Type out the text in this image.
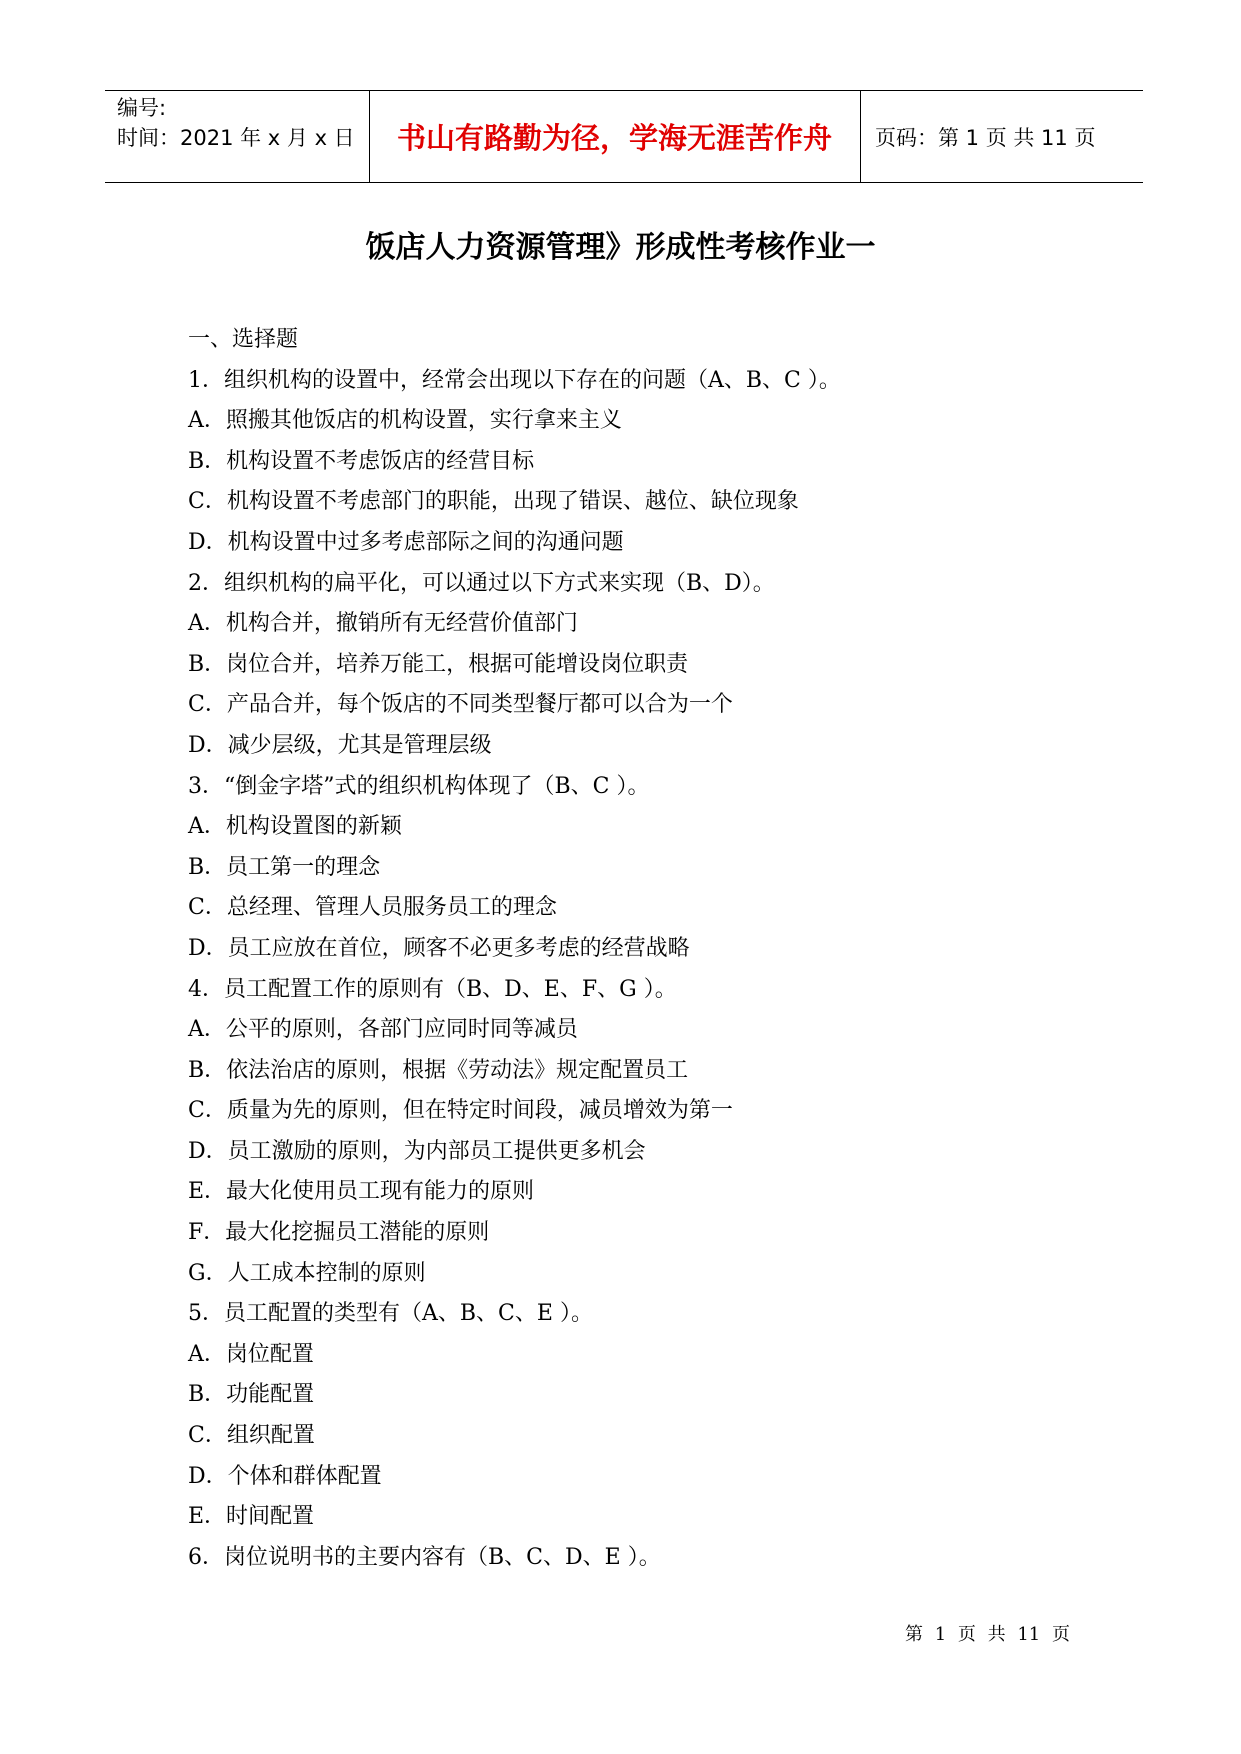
编号:
时间：2021 年 x 月 x 日	书山有路勤为径，学海无涯苦作舟	页码：第 1 页 共 11 页
饭店人力资源管理》形成性考核作业一
一、选择题
1．组织机构的设置中，经常会出现以下存在的问题（A、B、C ）。
A．照搬其他饭店的机构设置，实行拿来主义
B．机构设置不考虑饭店的经营目标
C．机构设置不考虑部门的职能，出现了错误、越位、缺位现象
D．机构设置中过多考虑部际之间的沟通问题
2．组织机构的扁平化，可以通过以下方式来实现（B、D）。
A．机构合并，撤销所有无经营价值部门
B．岗位合并，培养万能工，根据可能增设岗位职责
C．产品合并，每个饭店的不同类型餐厅都可以合为一个
D．减少层级，尤其是管理层级
3．“倒金字塔”式的组织机构体现了（B、C ）。
A．机构设置图的新颖
B．员工第一的理念
C．总经理、管理人员服务员工的理念
D．员工应放在首位，顾客不必更多考虑的经营战略
4．员工配置工作的原则有（B、D、E、F、G ）。
A．公平的原则，各部门应同时同等减员
B．依法治店的原则，根据《劳动法》规定配置员工
C．质量为先的原则，但在特定时间段，减员增效为第一
D．员工激励的原则，为内部员工提供更多机会
E．最大化使用员工现有能力的原则
F．最大化挖掘员工潜能的原则
G．人工成本控制的原则
5．员工配置的类型有（A、B、C、E ）。
A．岗位配置
B．功能配置
C．组织配置
D．个体和群体配置
E．时间配置
6．岗位说明书的主要内容有（B、C、D、E ）。
第 1 页 共 11 页
